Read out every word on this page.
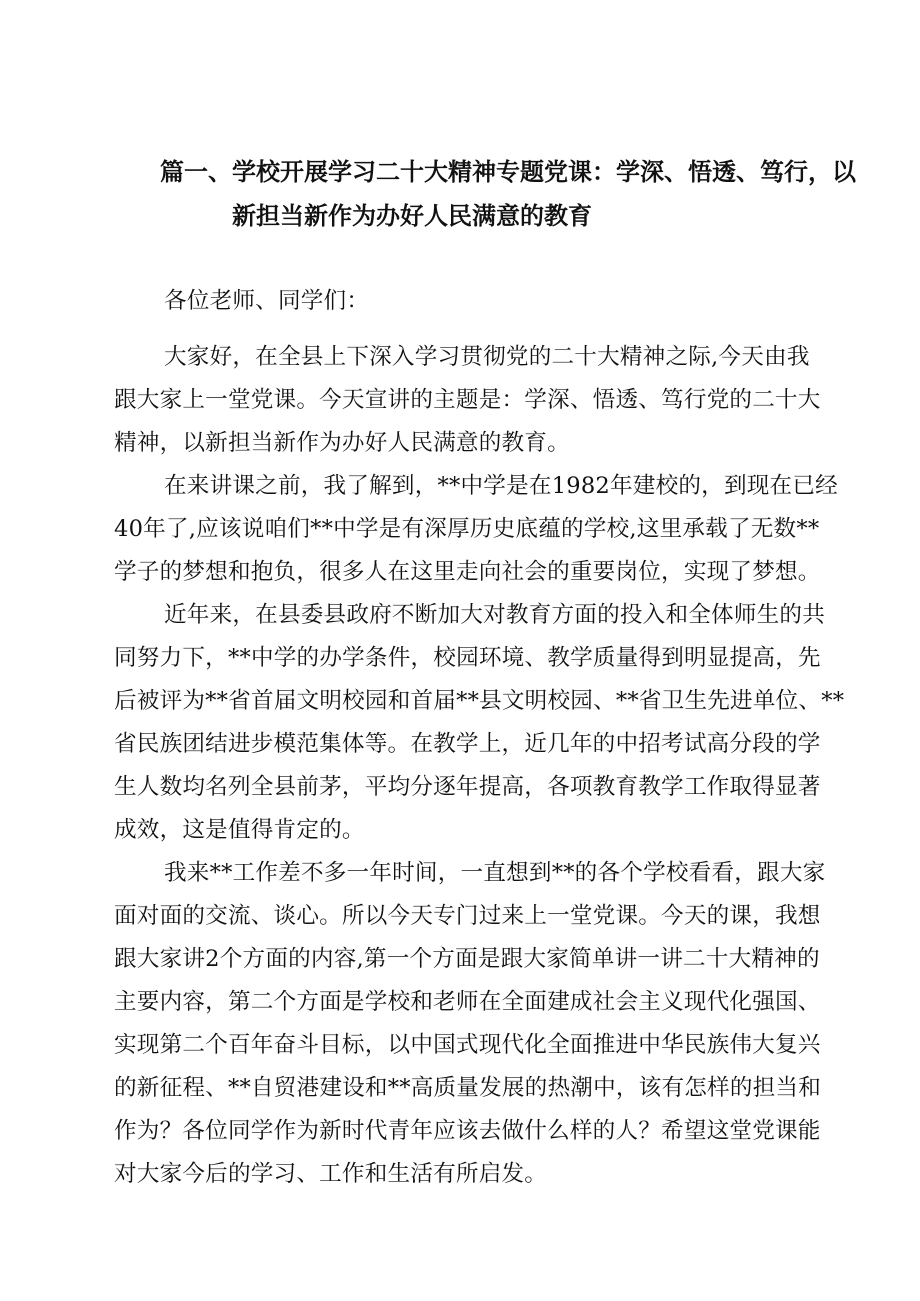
篇一、学校开展学习二十大精神专题党课：学深、悟透、笃行，以
新担当新作为办好人民满意的教育
各位老师、同学们：
大家好，在全县上下深入学习贯彻党的二十大精神之际,今天由我
跟大家上一堂党课。今天宣讲的主题是：学深、悟透、笃行党的二十大
精神，以新担当新作为办好人民满意的教育。
在来讲课之前，我了解到，**中学是在1982年建校的，到现在已经
40年了,应该说咱们**中学是有深厚历史底蕴的学校,这里承载了无数**
学子的梦想和抱负，很多人在这里走向社会的重要岗位，实现了梦想。
近年来，在县委县政府不断加大对教育方面的投入和全体师生的共
同努力下，**中学的办学条件，校园环境、教学质量得到明显提高，先
后被评为**省首届文明校园和首届**县文明校园、**省卫生先进单位、**
省民族团结进步模范集体等。在教学上，近几年的中招考试高分段的学
生人数均名列全县前茅，平均分逐年提高，各项教育教学工作取得显著
成效，这是值得肯定的。
我来**工作差不多一年时间，一直想到**的各个学校看看，跟大家
面对面的交流、谈心。所以今天专门过来上一堂党课。今天的课，我想
跟大家讲2个方面的内容,第一个方面是跟大家简单讲一讲二十大精神的
主要内容，第二个方面是学校和老师在全面建成社会主义现代化强国、
实现第二个百年奋斗目标，以中国式现代化全面推进中华民族伟大复兴
的新征程、**自贸港建设和**高质量发展的热潮中，该有怎样的担当和
作为？各位同学作为新时代青年应该去做什么样的人？希望这堂党课能
对大家今后的学习、工作和生活有所启发。
